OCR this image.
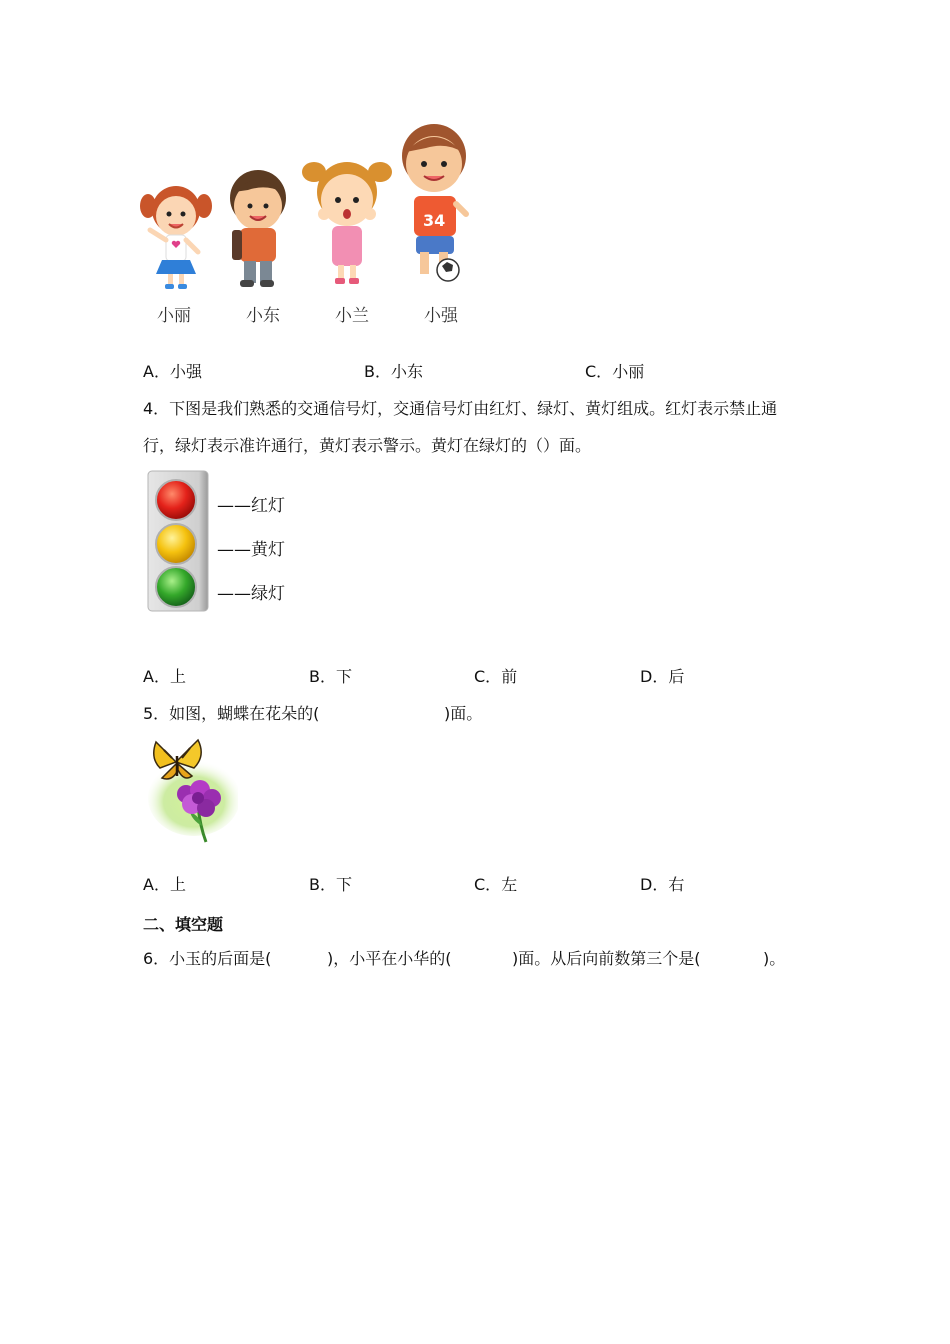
34
小丽	小东	小兰	小强
A．小强	B．小东	C．小丽
4．下图是我们熟悉的交通信号灯，交通信号灯由红灯、绿灯、黄灯组成。红灯表示禁止通
行，绿灯表示准许通行，黄灯表示警示。黄灯在绿灯的（）面。
——红灯
——黄灯
——绿灯
A．上	B．下	C．前	D．后
5．如图，蝴蝶在花朵的(	)面。
A．上	B．下	C．左	D．右
二、填空题
6．小玉的后面是(	)，小平在小华的(	)面。从后向前数第三个是(	)。
